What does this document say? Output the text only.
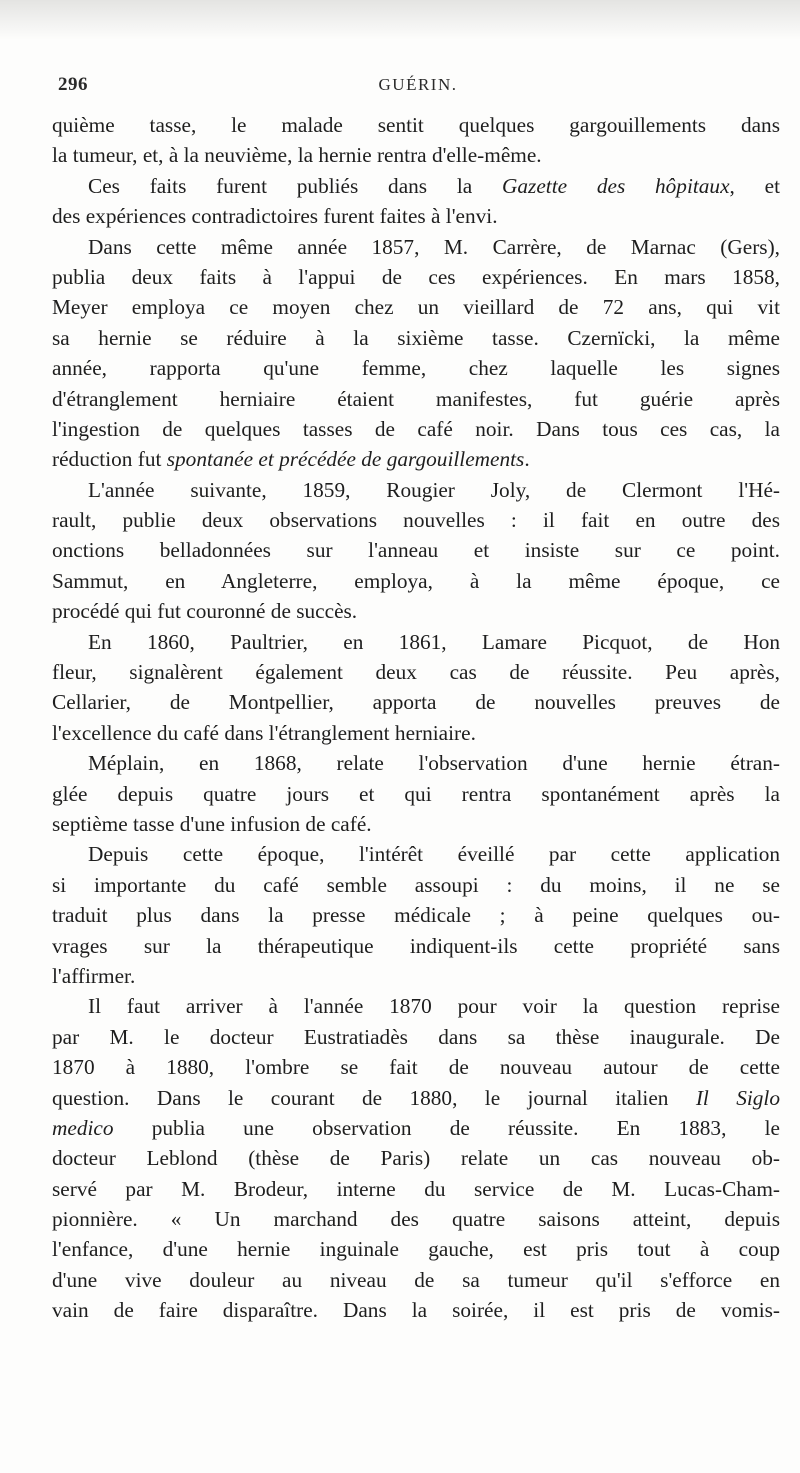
296	GUÉRIN.
quième tasse, le malade sentit quelques gargouillements dans
la tumeur, et, à la neuvième, la hernie rentra d'elle-même.
Ces faits furent publiés dans la Gazette des hôpitaux, et
des expériences contradictoires furent faites à l'envi.
Dans cette même année 1857, M. Carrère, de Marnac (Gers),
publia deux faits à l'appui de ces expériences. En mars 1858,
Meyer employa ce moyen chez un vieillard de 72 ans, qui vit
sa hernie se réduire à la sixième tasse. Czernïcki, la même
année, rapporta qu'une femme, chez laquelle les signes
d'étranglement herniaire étaient manifestes, fut guérie après
l'ingestion de quelques tasses de café noir. Dans tous ces cas, la
réduction fut spontanée et précédée de gargouillements.
L'année suivante, 1859, Rougier Joly, de Clermont l'Hé-
rault, publie deux observations nouvelles : il fait en outre des
onctions belladonnées sur l'anneau et insiste sur ce point.
Sammut, en Angleterre, employa, à la même époque, ce
procédé qui fut couronné de succès.
En 1860, Paultrier, en 1861, Lamare Picquot, de Hon
fleur, signalèrent également deux cas de réussite. Peu après,
Cellarier, de Montpellier, apporta de nouvelles preuves de
l'excellence du café dans l'étranglement herniaire.
Méplain, en 1868, relate l'observation d'une hernie étran-
glée depuis quatre jours et qui rentra spontanément après la
septième tasse d'une infusion de café.
Depuis cette époque, l'intérêt éveillé par cette application
si importante du café semble assoupi : du moins, il ne se
traduit plus dans la presse médicale ; à peine quelques ou-
vrages sur la thérapeutique indiquent-ils cette propriété sans
l'affirmer.
Il faut arriver à l'année 1870 pour voir la question reprise
par M. le docteur Eustratiadès dans sa thèse inaugurale. De
1870 à 1880, l'ombre se fait de nouveau autour de cette
question. Dans le courant de 1880, le journal italien Il Siglo
medico publia une observation de réussite. En 1883, le
docteur Leblond (thèse de Paris) relate un cas nouveau ob-
servé par M. Brodeur, interne du service de M. Lucas-Cham-
pionnière. « Un marchand des quatre saisons atteint, depuis
l'enfance, d'une hernie inguinale gauche, est pris tout à coup
d'une vive douleur au niveau de sa tumeur qu'il s'efforce en
vain de faire disparaître. Dans la soirée, il est pris de vomis-
